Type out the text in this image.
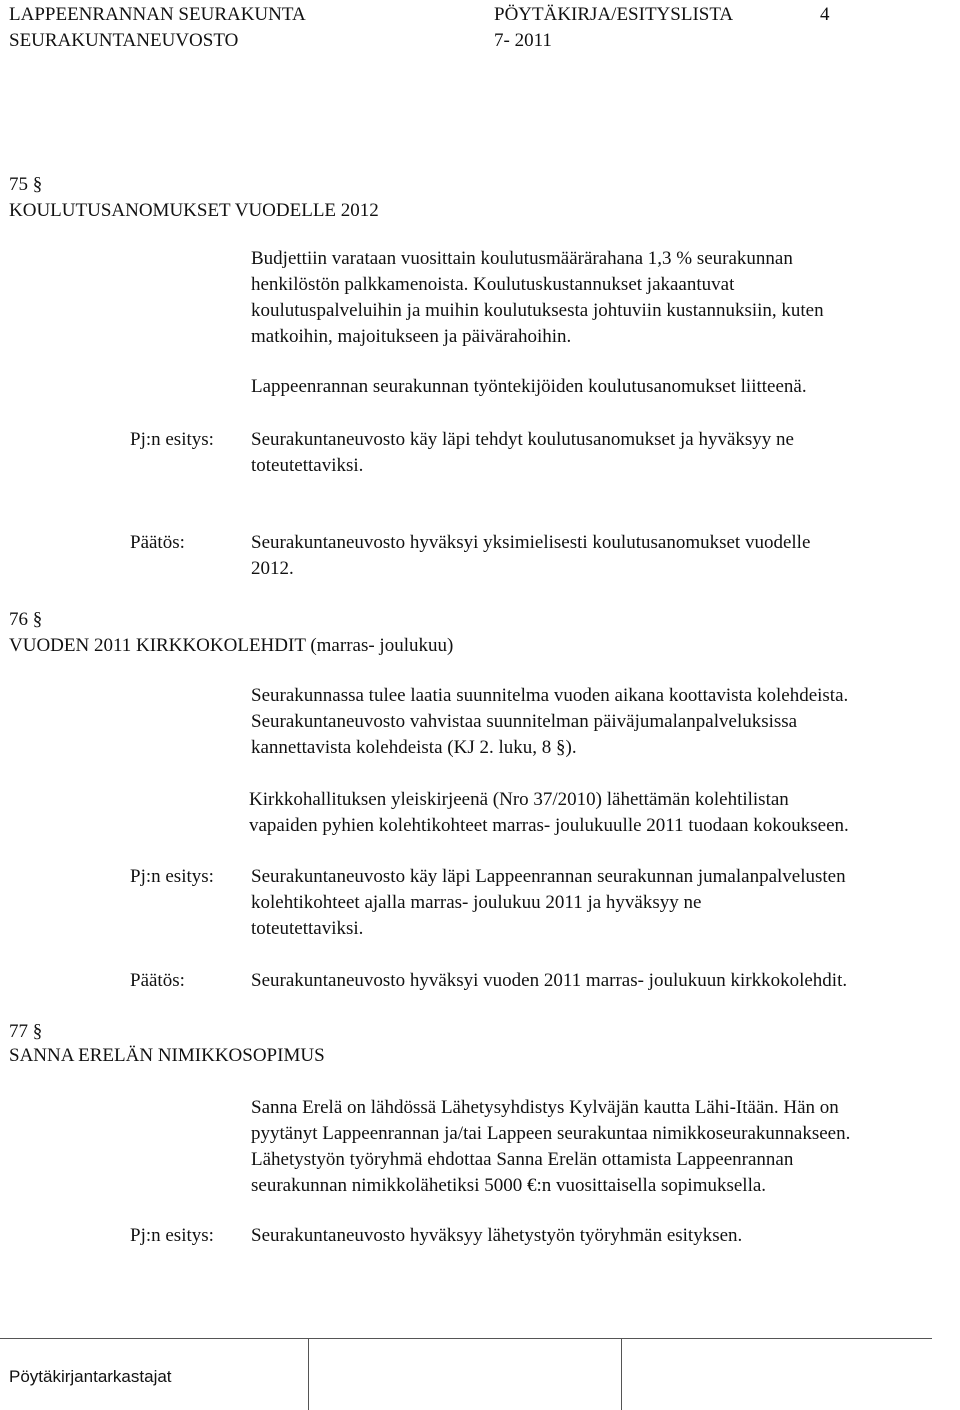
LAPPEENRANNAN SEURAKUNTA
SEURAKUNTANEUVOSTO
PÖYTÄKIRJA/ESITYSLISTA
7- 2011
4
75 §
KOULUTUSANOMUKSET VUODELLE 2012
Budjettiin varataan vuosittain koulutusmäärärahana 1,3 % seurakunnan
henkilöstön palkkamenoista. Koulutuskustannukset jakaantuvat
koulutuspalveluihin ja muihin koulutuksesta johtuviin kustannuksiin, kuten
matkoihin, majoitukseen ja päivärahoihin.
Lappeenrannan seurakunnan työntekijöiden koulutusanomukset liitteenä.
Pj:n esitys: Seurakuntaneuvosto käy läpi tehdyt koulutusanomukset ja hyväksyy ne
toteutettaviksi.
Päätös:	Seurakuntaneuvosto hyväksyi yksimielisesti koulutusanomukset vuodelle
2012.
76 §
VUODEN 2011 KIRKKOKOLEHDIT (marras- joulukuu)
Seurakunnassa tulee laatia suunnitelma vuoden aikana koottavista kolehdeista.
Seurakuntaneuvosto vahvistaa suunnitelman päiväjumalanpalveluksissa
kannettavista kolehdeista (KJ 2. luku, 8 §).
Kirkkohallituksen yleiskirjeenä (Nro 37/2010) lähettämän kolehtilistan
vapaiden pyhien kolehtikohteet marras- joulukuulle 2011 tuodaan kokoukseen.
Pj:n esitys: Seurakuntaneuvosto käy läpi Lappeenrannan seurakunnan jumalanpalvelusten
kolehtikohteet ajalla marras- joulukuu 2011 ja hyväksyy ne
toteutettaviksi.
Päätös:	Seurakuntaneuvosto hyväksyi vuoden 2011 marras- joulukuun kirkkokolehdit.
77 §
SANNA ERELÄN NIMIKKOSOPIMUS
Sanna Erelä on lähdössä Lähetysyhdistys Kylväjän kautta Lähi-Itään. Hän on
pyytänyt Lappeenrannan ja/tai Lappeen seurakuntaa nimikkoseurakunnakseen.
Lähetystyön työryhmä ehdottaa Sanna Erelän ottamista Lappeenrannan
seurakunnan nimikkolähetiksi 5000 €:n vuosittaisella sopimuksella.
Pj:n esitys: Seurakuntaneuvosto hyväksyy lähetystyön työryhmän esityksen.
Pöytäkirjantarkastajat
